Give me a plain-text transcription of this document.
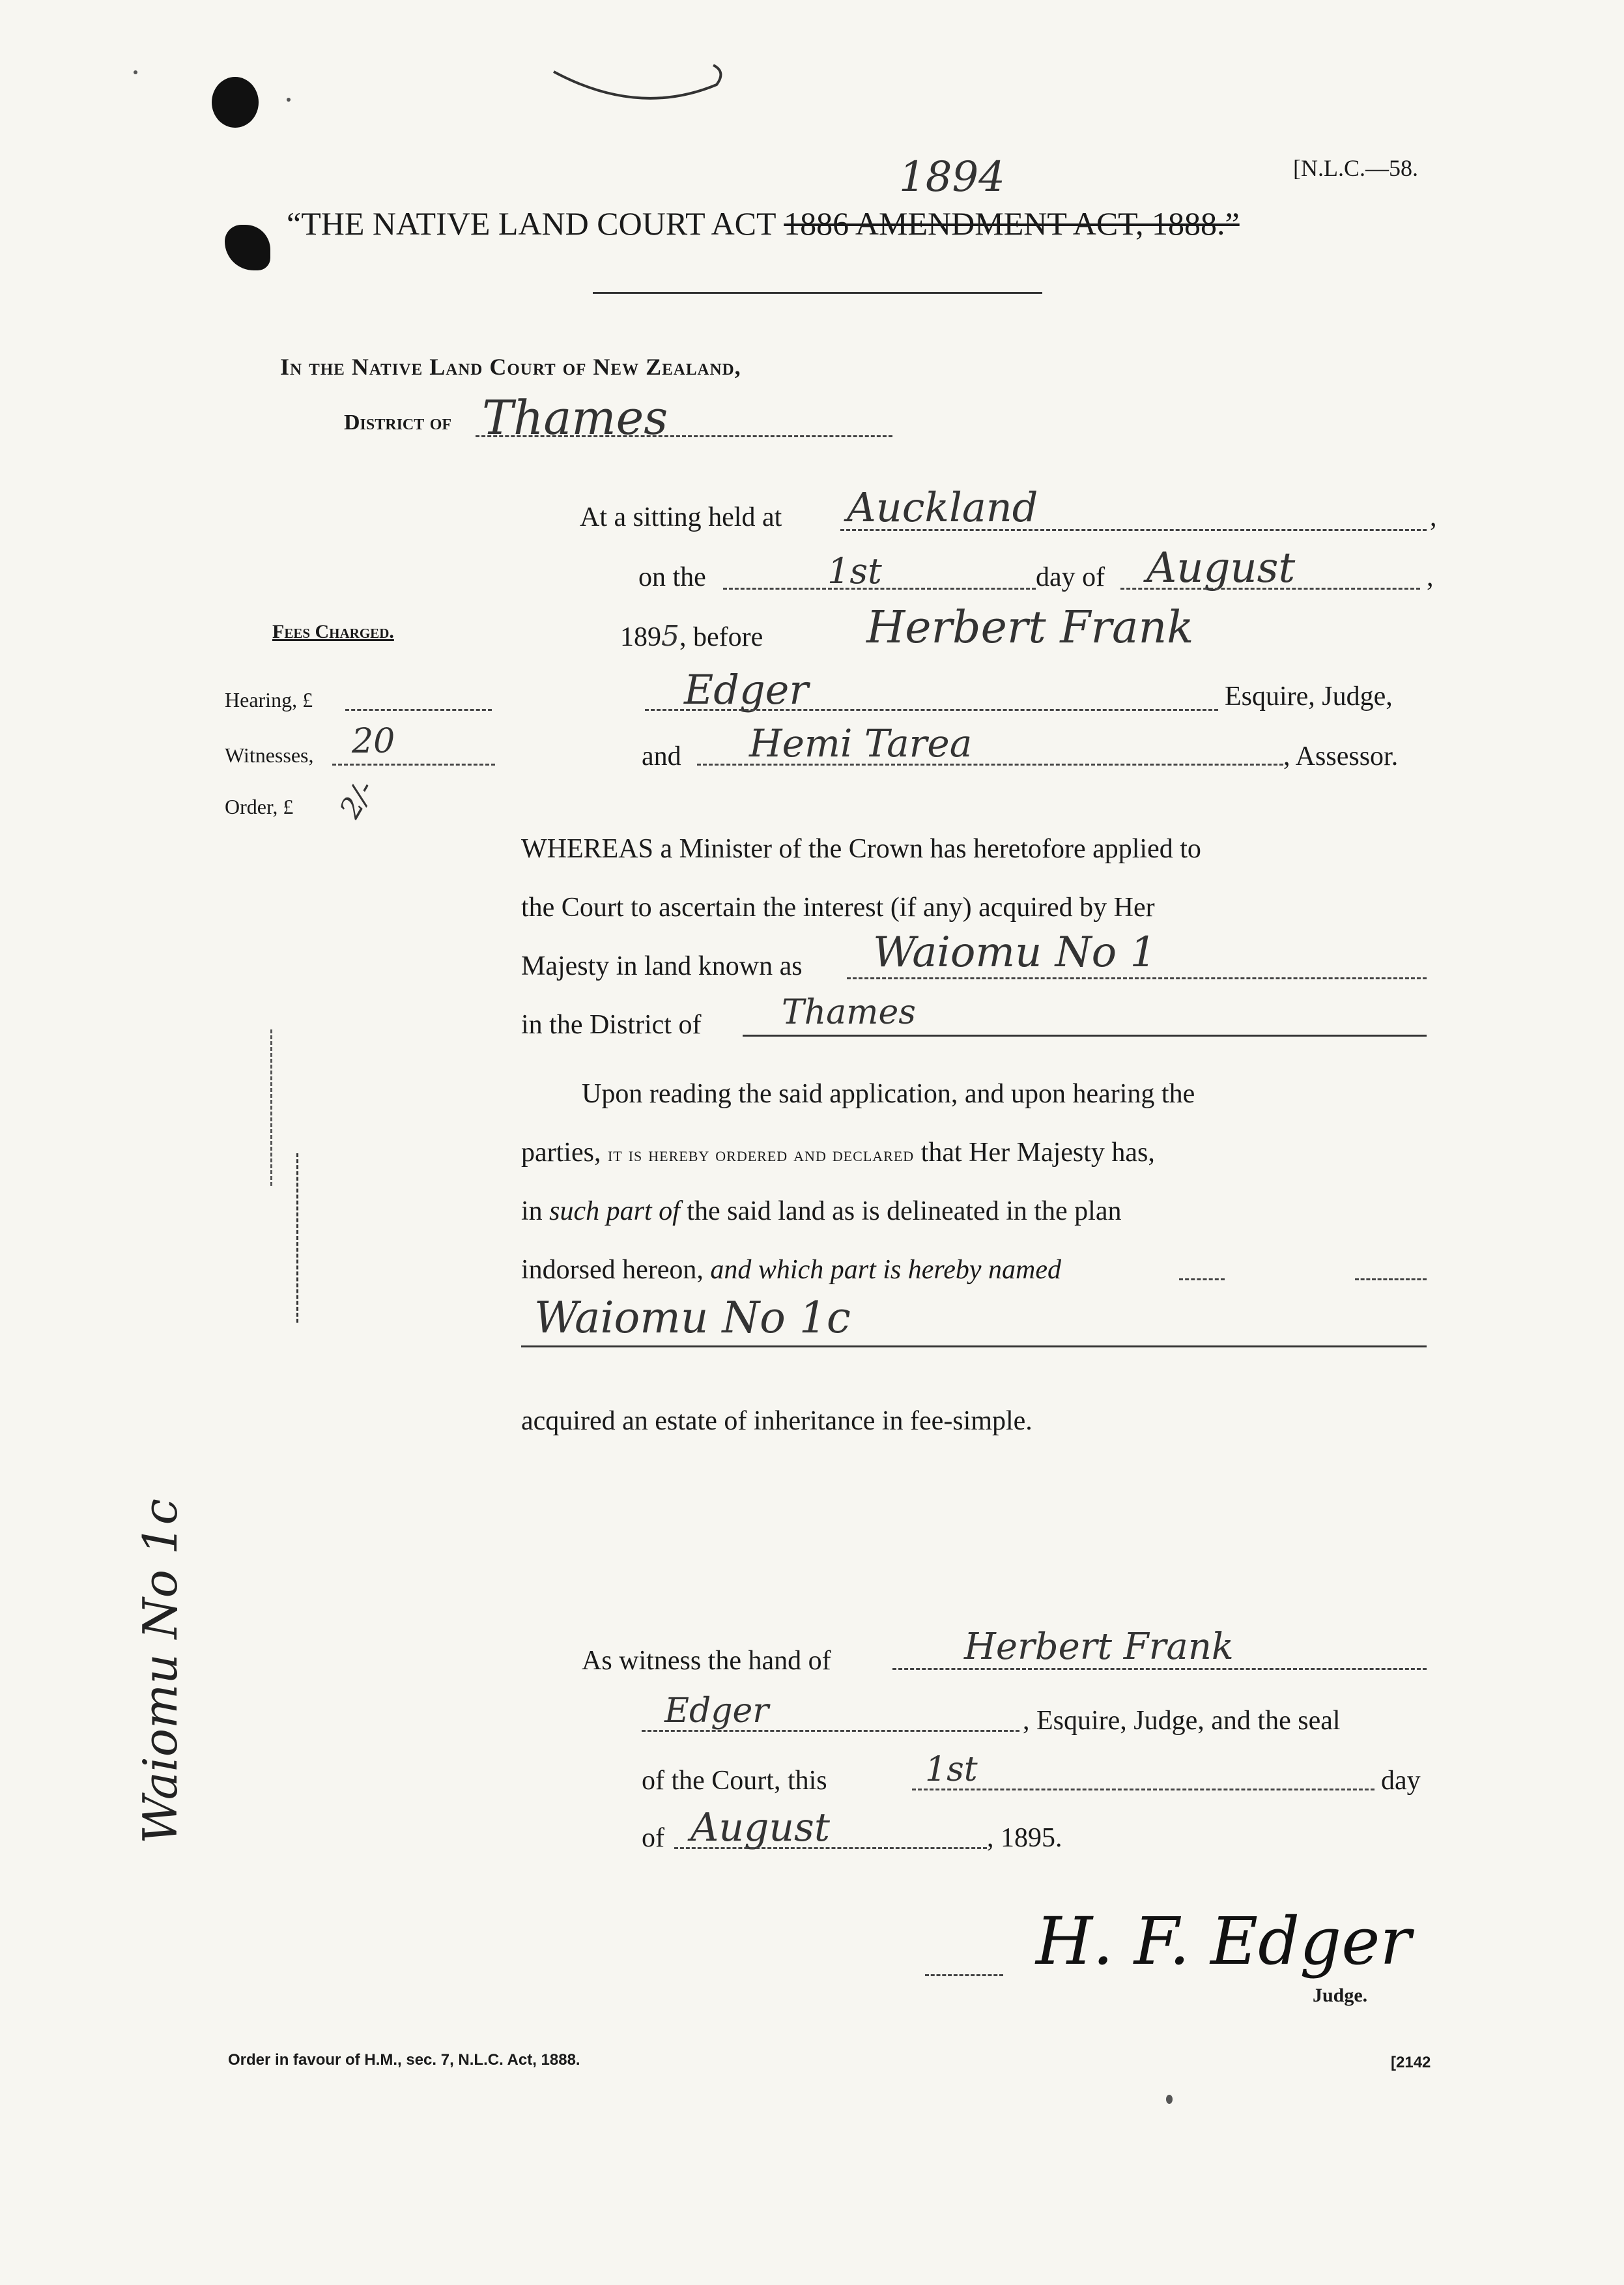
[N.L.C.—58.
1894
“THE NATIVE LAND COURT ACT 1886 AMENDMENT ACT, 1888.”
In the Native Land Court of New Zealand,
District of Thames
At a sitting held at Auckland	,
on the	1st	day of August	,
Fees Charged.	1895, before Herbert Frank
Hearing, £	Edger	Esquire, Judge,
Witnesses, 20	and Hemi Tarea	, Assessor.
Order, £ 2/-
WHEREAS a Minister of the Crown has heretofore applied to
the Court to ascertain the interest (if any) acquired by Her
Majesty in land known as Waiomu No 1
in the District of Thames
Upon reading the said application, and upon hearing the
parties, it is hereby ordered and declared that Her Majesty has,
in such part of the said land as is delineated in the plan
indorsed hereon, and which part is hereby named
Waiomu No 1c
acquired an estate of inheritance in fee-simple.
As witness the hand of	Herbert Frank
Edger	, Esquire, Judge, and the seal
of the Court, this	1st	day
of August	, 1895.
H. F. Edger
Judge.
Waiomu No 1c
Order in favour of H.M., sec. 7, N.L.C. Act, 1888.	[2142
